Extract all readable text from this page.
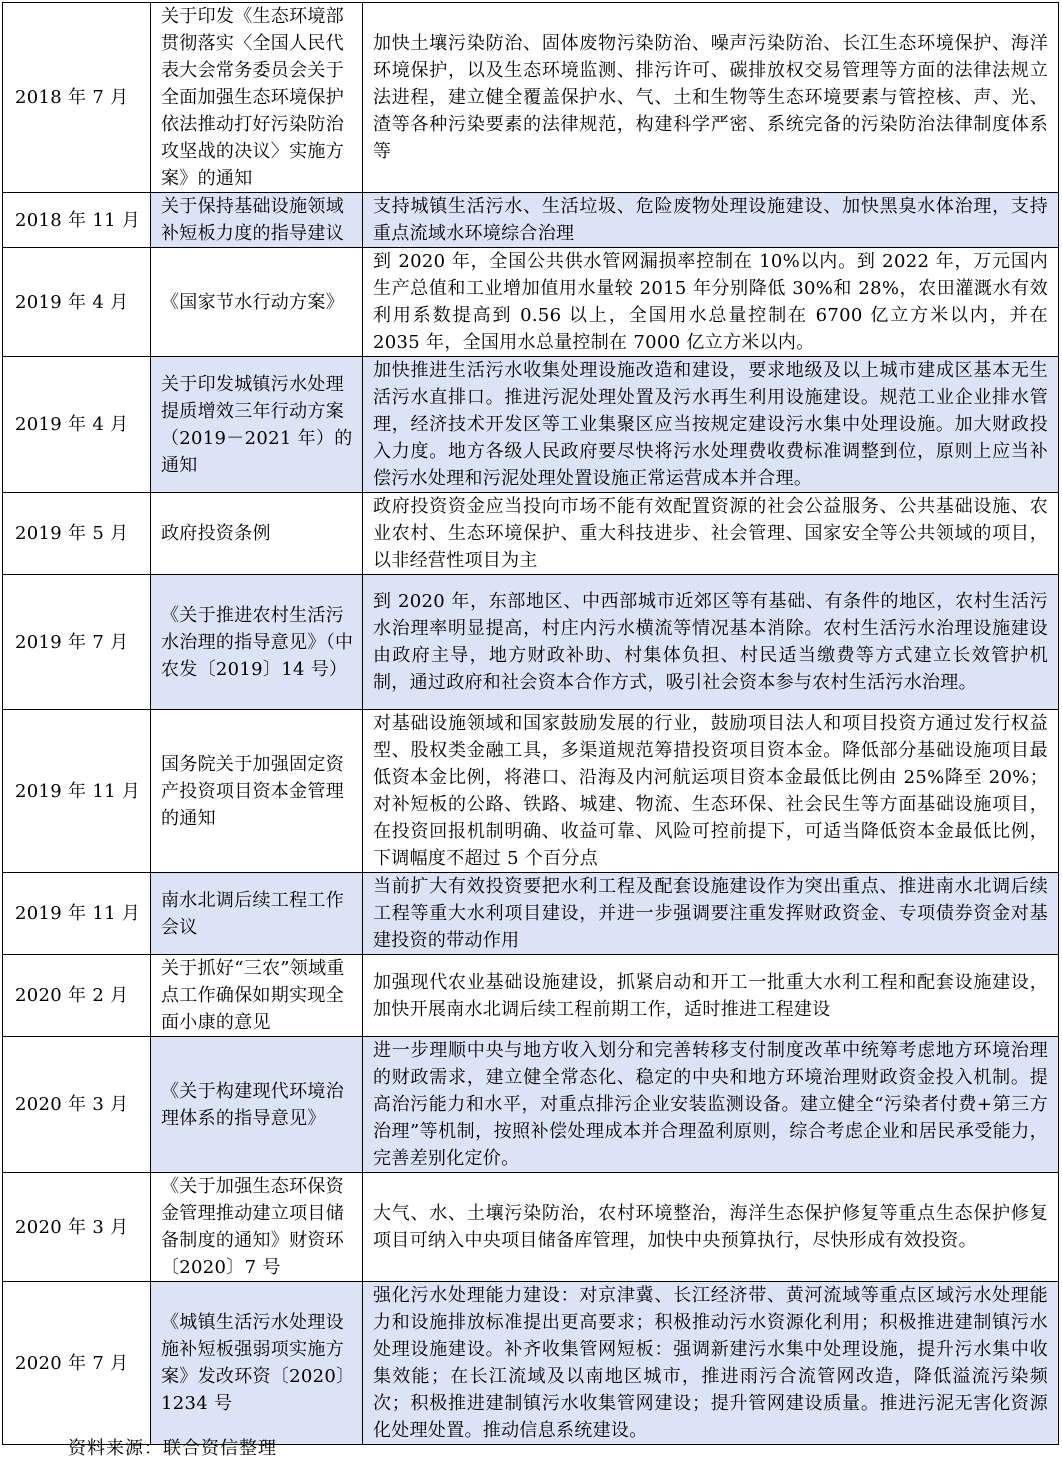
2018 年 7 月	关于印发《生态环境部贯彻落实〈全国人民代表大会常务委员会关于全面加强生态环境保护依法推动打好污染防治攻坚战的决议〉实施方案》的通知	加快土壤污染防治、固体废物污染防治、噪声污染防治、长江生态环境保护、海洋环境保护，以及生态环境监测、排污许可、碳排放权交易管理等方面的法律法规立法进程，建立健全覆盖保护水、气、土和生物等生态环境要素与管控核、声、光、渣等各种污染要素的法律规范，构建科学严密、系统完备的污染防治法律制度体系等
2018 年 11 月	关于保持基础设施领域补短板力度的指导建议	支持城镇生活污水、生活垃圾、危险废物处理设施建设、加快黑臭水体治理，支持重点流域水环境综合治理
2019 年 4 月	《国家节水行动方案》	到 2020 年，全国公共供水管网漏损率控制在 10%以内。到 2022 年，万元国内生产总值和工业增加值用水量较 2015 年分别降低 30%和 28%，农田灌溉水有效利用系数提高到 0.56 以上，全国用水总量控制在 6700 亿立方米以内，并在 2035 年，全国用水总量控制在 7000 亿立方米以内。
2019 年 4 月	关于印发城镇污水处理提质增效三年行动方案（2019－2021 年）的通知	加快推进生活污水收集处理设施改造和建设，要求地级及以上城市建成区基本无生活污水直排口。推进污泥处理处置及污水再生利用设施建设。规范工业企业排水管理，经济技术开发区等工业集聚区应当按规定建设污水集中处理设施。加大财政投入力度。地方各级人民政府要尽快将污水处理费收费标准调整到位，原则上应当补偿污水处理和污泥处理处置设施正常运营成本并合理。
2019 年 5 月	政府投资条例	政府投资资金应当投向市场不能有效配置资源的社会公益服务、公共基础设施、农业农村、生态环境保护、重大科技进步、社会管理、国家安全等公共领域的项目，以非经营性项目为主
2019 年 7 月	《关于推进农村生活污水治理的指导意见》（中农发〔2019〕14 号）	到 2020 年，东部地区、中西部城市近郊区等有基础、有条件的地区，农村生活污水治理率明显提高，村庄内污水横流等情况基本消除。农村生活污水治理设施建设由政府主导，地方财政补助、村集体负担、村民适当缴费等方式建立长效管护机制，通过政府和社会资本合作方式，吸引社会资本参与农村生活污水治理。
2019 年 11 月	国务院关于加强固定资产投资项目资本金管理的通知	对基础设施领域和国家鼓励发展的行业，鼓励项目法人和项目投资方通过发行权益型、股权类金融工具，多渠道规范筹措投资项目资本金。降低部分基础设施项目最低资本金比例，将港口、沿海及内河航运项目资本金最低比例由 25%降至 20%；对补短板的公路、铁路、城建、物流、生态环保、社会民生等方面基础设施项目，在投资回报机制明确、收益可靠、风险可控前提下，可适当降低资本金最低比例，下调幅度不超过 5 个百分点
2019 年 11 月	南水北调后续工程工作会议	当前扩大有效投资要把水利工程及配套设施建设作为突出重点、推进南水北调后续工程等重大水利项目建设，并进一步强调要注重发挥财政资金、专项债券资金对基建投资的带动作用
2020 年 2 月	关于抓好“三农”领域重点工作确保如期实现全面小康的意见	加强现代农业基础设施建设，抓紧启动和开工一批重大水利工程和配套设施建设，加快开展南水北调后续工程前期工作，适时推进工程建设
2020 年 3 月	《关于构建现代环境治理体系的指导意见》	进一步理顺中央与地方收入划分和完善转移支付制度改革中统筹考虑地方环境治理的财政需求，建立健全常态化、稳定的中央和地方环境治理财政资金投入机制。提高治污能力和水平，对重点排污企业安装监测设备。建立健全“污染者付费+第三方治理”等机制，按照补偿处理成本并合理盈利原则，综合考虑企业和居民承受能力，完善差别化定价。
2020 年 3 月	《关于加强生态环保资金管理推动建立项目储备制度的通知》财资环〔2020〕7 号	大气、水、土壤污染防治，农村环境整治，海洋生态保护修复等重点生态保护修复项目可纳入中央项目储备库管理，加快中央预算执行，尽快形成有效投资。
2020 年 7 月	《城镇生活污水处理设施补短板强弱项实施方案》发改环资〔2020〕1234 号	强化污水处理能力建设：对京津冀、长江经济带、黄河流域等重点区域污水处理能力和设施排放标准提出更高要求；积极推动污水资源化利用；积极推进建制镇污水处理设施建设。补齐收集管网短板：强调新建污水集中处理设施，提升污水集中收集效能；在长江流域及以南地区城市，推进雨污合流管网改造，降低溢流污染频次；积极推进建制镇污水收集管网建设；提升管网建设质量。推进污泥无害化资源化处理处置。推动信息系统建设。
资料来源：联合资信整理
